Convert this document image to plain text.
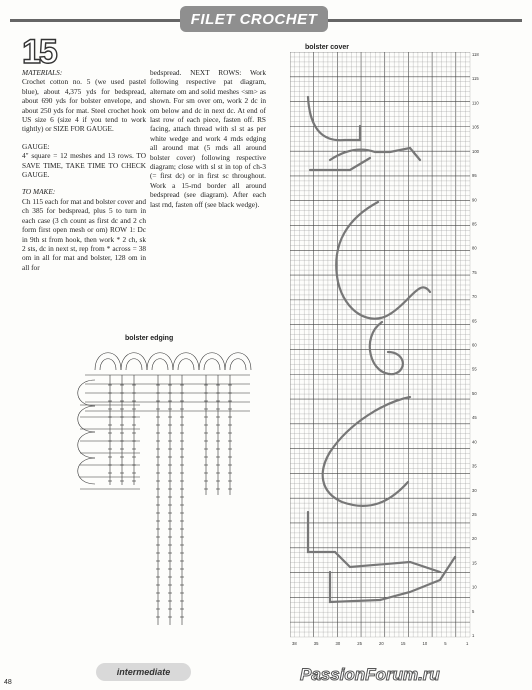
FILET CROCHET
15

MATERIALS:
Crochet cotton no. 5 (we used pastel blue), about 4,375 yds for bedspread, about 690 yds for bolster envelope, and about 250 yds for mat. Steel crochet hook US size 6 (size 4 if you tend to work tightly) or SIZE FOR GAUGE.

GAUGE:
4" square = 12 meshes and 13 rows. TO SAVE TIME, TAKE TIME TO CHECK GAUGE.

TO MAKE:
Ch 115 each for mat and bolster cover and ch 385 for bedspread, plus 5 to turn in each case (3 ch count as first dc and 2 ch form first open mesh or om) ROW 1: Dc in 9th st from hook, then work * 2 ch, sk 2 sts, dc in next st, rep from * across = 38 om in all for mat and bolster, 128 om in all for

bedspread. NEXT ROWS: Work following respective pat diagram, alternate om and solid meshes <sm> as shown. For sm over om, work 2 dc in om below and dc in next dc. At end of last row of each piece, fasten off. RS facing, attach thread with sl st as per white wedge and work 4 rnds edging all around mat (5 rnds all around bolster cover) following respective diagram; close with sl st in top of ch-3 (= first dc) or in first sc throughout. Work a 15-rnd border all around bedspread (see diagram). After each last rnd, fasten off (see black wedge).

bolster cover
bolster edging
118
115
110
105
100
95
90
85
80
75
70
65
60
55
50
45
40
35
30
25
20
15
10
5
1
38	35	30	25	20	15	10	5	1
48
intermediate	PassionForum.ru
